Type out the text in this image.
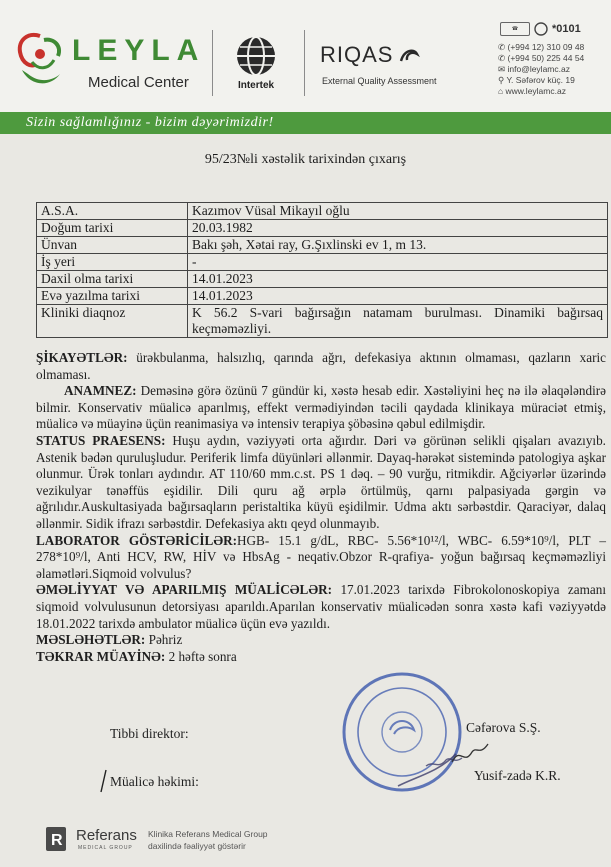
LEYLA
Medical Center	Intertek
RIQAS
External Quality Assessment
☎	*0101
✆ (+994 12) 310 09 48
✆ (+994 50) 225 44 54
✉ info@leylamc.az
⚲ Y. Səfərov küç. 19
⌂ www.leylamc.az
Sizin sağlamlığınız - bizim dəyərimizdir!
95/23№li xəstəlik tarixindən çıxarış
A.S.A.	Kazımov Vüsal Mikayıl oğlu
Doğum tarixi	20.03.1982
Ünvan	Bakı şəh, Xətai ray, G.Şıxlinski ev 1, m 13.
İş yeri	-
Daxil olma tarixi	14.01.2023
Evə yazılma tarixi	14.01.2023
Kliniki diaqnoz	K 56.2 S-vari bağırsağın natamam burulması. Dinamiki bağırsaq keçməməzliyi.

ŞİKAYƏTLƏR: ürəkbulanma, halsızlıq, qarında ağrı, defekasiya aktının olmaması, qazların xaric olmaması.

ANAMNEZ: Deməsinə görə özünü 7 gündür ki, xəstə hesab edir. Xəstəliyini heç nə ilə əlaqələndirə bilmir. Konservativ müalicə aparılmış, effekt vermədiyindən təcili qaydada klinikaya müraciət etmiş, müalicə və müayinə üçün reanimasiya və intensiv terapiya şöbəsinə qəbul edilmişdir.

STATUS PRAESENS: Huşu aydın, vəziyyəti orta ağırdır. Dəri və görünən selikli qişaları avazıyıb. Astenik bədən quruluşludur. Periferik limfa düyünləri əllənmir. Dayaq-hərəkət sistemində patologiya aşkar olunmur. Ürək tonları aydındır. AT 110/60 mm.c.st. PS 1 dəq. – 90 vurğu, ritmikdir. Ağciyərlər üzərində vezikulyar tənəffüs eşidilir. Dili quru ağ ərplə örtülmüş, qarnı palpasiyada gərgin və ağrılıdır.Auskultasiyada bağırsaqların peristaltika küyü eşidilmir. Udma aktı sərbəstdir. Qaraciyər, dalaq əllənmir. Sidik ifrazı sərbəstdir. Defekasiya aktı qeyd olunmayıb.

LABORATOR GÖSTƏRİCİLƏR:HGB- 15.1 g/dL, RBC- 5.56*10¹²/l, WBC- 6.59*10⁹/l, PLT –278*10⁹/l, Anti HCV, RW, HİV və HbsAg - neqativ.Obzor R-qrafiya- yoğun bağırsaq keçməməzliyi əlamətləri.Siqmoid volvulus?

ƏMƏLİYYAT VƏ APARILMIŞ MÜALİCƏLƏR: 17.01.2023 tarixdə Fibrokolonoskopiya zamanı siqmoid volvulusunun detorsiyası aparıldı.Aparılan konservativ müalicədən sonra xəstə kafi vəziyyətdə 18.01.2022 tarixdə ambulator müalicə üçün evə yazıldı.

MƏSLƏHƏTLƏR: Pəhriz

TƏKRAR MÜAYİNƏ: 2 həftə sonra

Tibbi direktor:	Cəfərova S.Ş.
Müalicə həkimi:	Yusif-zadə K.R.
R Referans
MEDICAL GROUP
Klinika Referans Medical Group
daxilində fəaliyyət göstərir
